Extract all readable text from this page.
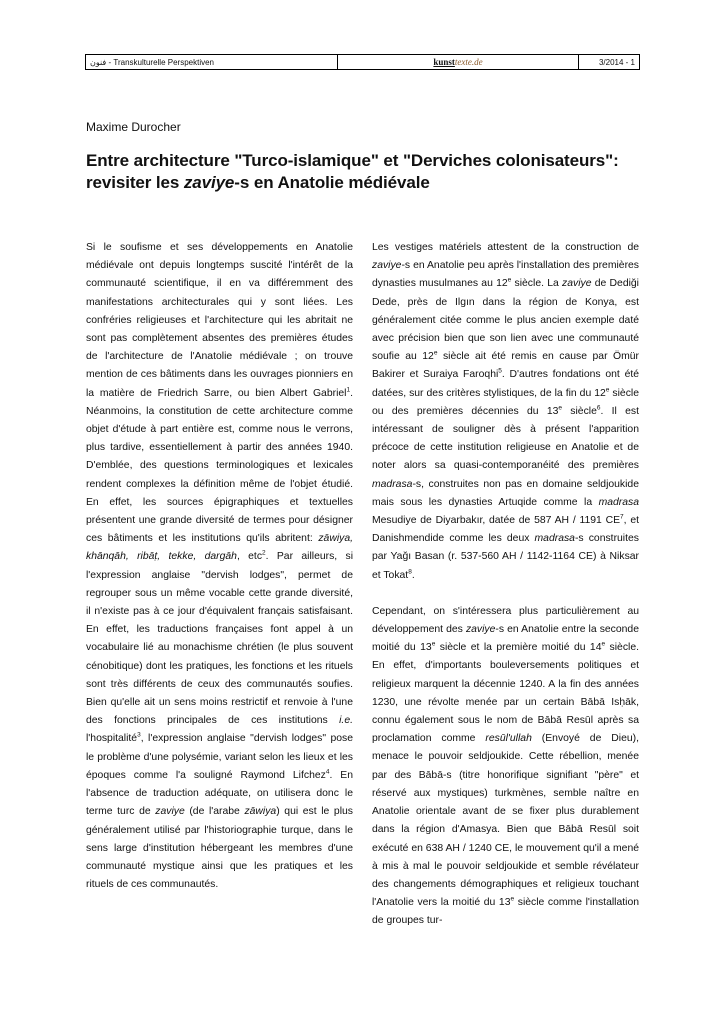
فنون - Transkulturelle Perspektiven	kunsttexte.de	3/2014 - 1
Maxime Durocher
Entre architecture "Turco-islamique" et "Derviches colonisateurs":
revisiter les zaviye-s en Anatolie médiévale

Si le soufisme et ses développements en Anatolie médiévale ont depuis longtemps suscité l'intérêt de la communauté scientifique, il en va différemment des manifestations architecturales qui y sont liées. Les confréries religieuses et l'architecture qui les abritait ne sont pas complètement absentes des premières études de l'architecture de l'Anatolie médiévale ; on trouve mention de ces bâtiments dans les ouvrages pionniers en la matière de Friedrich Sarre, ou bien Albert Gabriel$^1$. Néanmoins, la constitution de cette architecture comme objet d'étude à part entière est, comme nous le verrons, plus tardive, essentiellement à partir des années 1940. D'emblée, des questions terminologiques et lexicales rendent complexes la définition même de l'objet étudié. En effet, les sources épigraphiques et textuelles présentent une grande diversité de termes pour désigner ces bâtiments et les institutions qu'ils abritent: zāwiya, khānqāh, ribāṭ, tekke, dargāh, etc$^2$. Par ailleurs, si l'expression anglaise "dervish lodges", permet de regrouper sous un même vocable cette grande diversité, il n'existe pas à ce jour d'équivalent français satisfaisant. En effet, les traductions françaises font appel à un vocabulaire lié au monachisme chrétien (le plus souvent cénobitique) dont les pratiques, les fonctions et les rituels sont très différents de ceux des communautés soufies. Bien qu'elle ait un sens moins restrictif et renvoie à l'une des fonctions principales de ces institutions i.e. l'hospitalité$^3$, l'expression anglaise "dervish lodges" pose le problème d'une polysémie, variant selon les lieux et les époques comme l'a souligné Raymond Lifchez$^4$. En l'absence de traduction adéquate, on utilisera donc le terme turc de zaviye (de l'arabe zāwiya) qui est le plus généralement utilisé par l'historiographie turque, dans le sens large d'institution hébergeant les membres d'une communauté mystique ainsi que les pratiques et les rituels de ces communautés.

Les vestiges matériels attestent de la construction de zaviye-s en Anatolie peu après l'installation des premières dynasties musulmanes au 12e siècle. La zaviye de Dediği Dede, près de Ilgın dans la région de Konya, est généralement citée comme le plus ancien exemple daté avec précision bien que son lien avec une communauté soufie au 12e siècle ait été remis en cause par Ömür Bakirer et Suraiya Faroqhi$^5$. D'autres fondations ont été datées, sur des critères stylistiques, de la fin du 12e siècle ou des premières décennies du 13e siècle$^6$. Il est intéressant de souligner dès à présent l'apparition précoce de cette institution religieuse en Anatolie et de noter alors sa quasi-contemporanéité des premières madrasa-s, construites non pas en domaine seldjoukide mais sous les dynasties Artuqide comme la madrasa Mesudiye de Diyarbakır, datée de 587 AH / 1191 $CE^7$, et Danishmendide comme les deux madrasa-s construites par Yağı Basan (r. 537-560 AH / 1142-1164 CE) à Niksar et Tokat$^8$.

Cependant, on s'intéressera plus particulièrement au développement des zaviye-s en Anatolie entre la seconde moitié du 13e siècle et la première moitié du 14e siècle. En effet, d'importants bouleversements politiques et religieux marquent la décennie 1240. A la fin des années 1230, une révolte menée par un certain Bābā Isḥāk, connu également sous le nom de Bābā Resūl après sa proclamation comme resūl'ullah (Envoyé de Dieu), menace le pouvoir seldjoukide. Cette rébellion, menée par des Bābā-s (titre honorifique signifiant "père" et réservé aux mystiques) turkmènes, semble naître en Anatolie orientale avant de se fixer plus durablement dans la région d'Amasya. Bien que Bābā Resūl soit exécuté en 638 AH / 1240 CE, le mouvement qu'il a mené à mis à mal le pouvoir seldjoukide et semble révélateur des changements démographiques et religieux touchant l'Anatolie vers la moitié du 13e siècle comme l'installation de groupes tur-
